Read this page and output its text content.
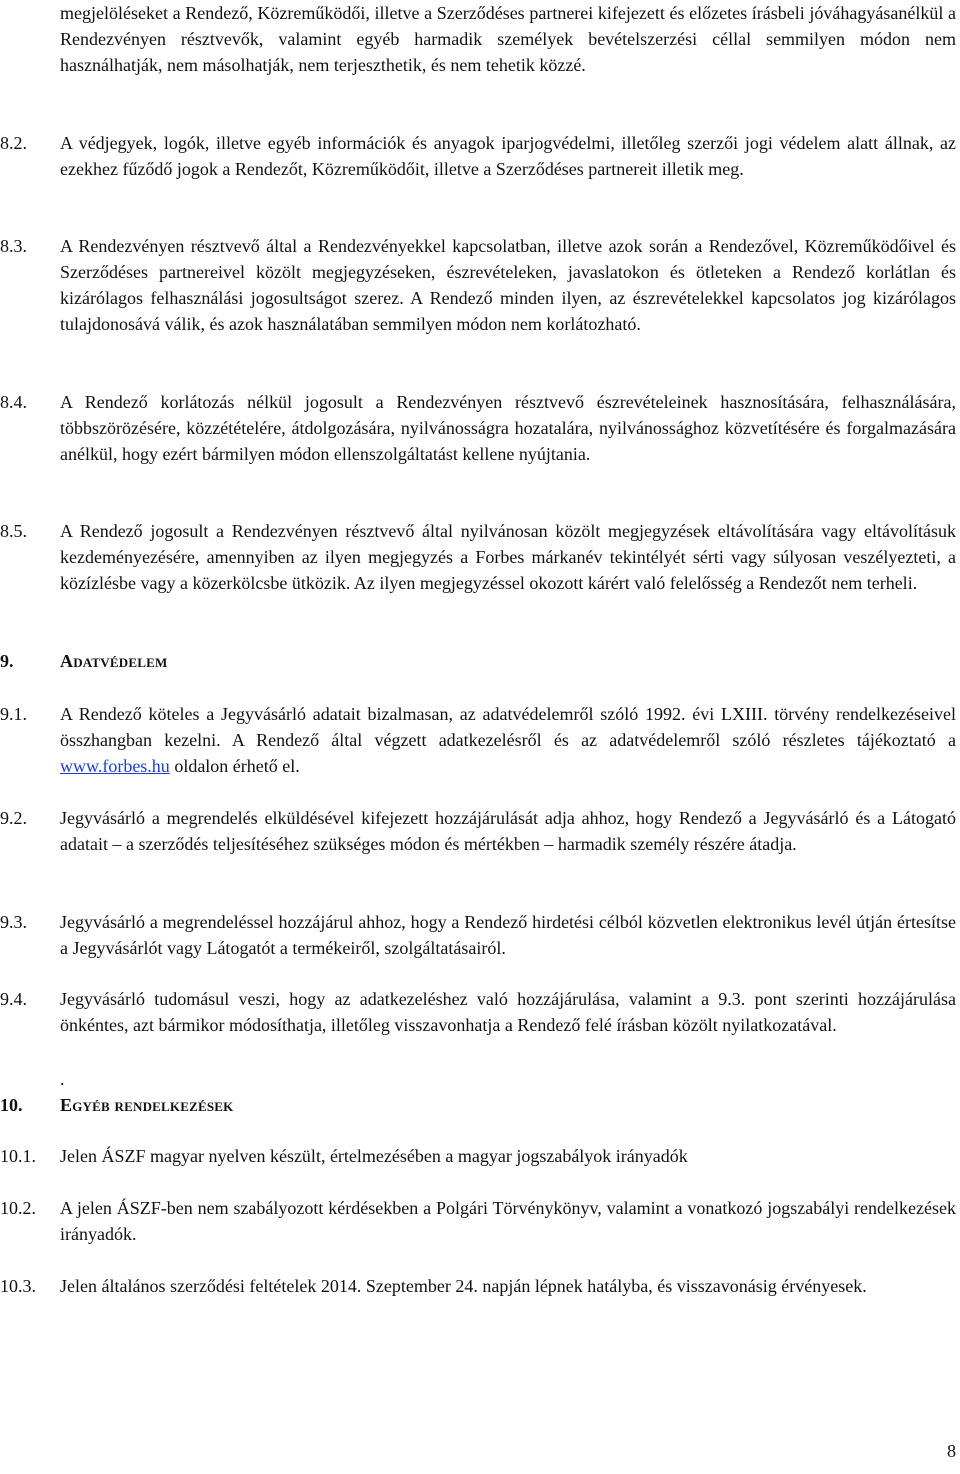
megjelöléseket a Rendező, Közreműködői, illetve a Szerződéses partnerei kifejezett és előzetes írásbeli jóváhagyásanélkül a Rendezvényen résztvevők, valamint egyéb harmadik személyek bevételszerzési céllal semmilyen módon nem használhatják, nem másolhatják, nem terjeszthetik, és nem tehetik közzé.
8.2.	A védjegyek, logók, illetve egyéb információk és anyagok iparjogvédelmi, illetőleg szerzői jogi védelem alatt állnak, az ezekhez fűződő jogok a Rendezőt, Közreműködőit, illetve a Szerződéses partnereit illetik meg.
8.3.	A Rendezvényen résztvevő által a Rendezvényekkel kapcsolatban, illetve azok során a Rendezővel, Közreműködőivel és Szerződéses partnereivel közölt megjegyzéseken, észrevételeken, javaslatokon és ötleteken a Rendező korlátlan és kizárólagos felhasználási jogosultságot szerez. A Rendező minden ilyen, az észrevételekkel kapcsolatos jog kizárólagos tulajdonosává válik, és azok használatában semmilyen módon nem korlátozható.
8.4.	A Rendező korlátozás nélkül jogosult a Rendezvényen résztvevő észrevételeinek hasznosítására, felhasználására, többszörözésére, közzétételére, átdolgozására, nyilvánosságra hozatalára, nyilvánossághoz közvetítésére és forgalmazására anélkül, hogy ezért bármilyen módon ellenszolgáltatást kellene nyújtania.
8.5.	A Rendező jogosult a Rendezvényen résztvevő által nyilvánosan közölt megjegyzések eltávolítására vagy eltávolításuk kezdeményezésére, amennyiben az ilyen megjegyzés a Forbes márkanév tekintélyét sérti vagy súlyosan veszélyezteti, a közízlésbe vagy a közerkölcsbe ütközik. Az ilyen megjegyzéssel okozott kárért való felelősség a Rendezőt nem terheli.
9.	Adatvédelem
9.1.	A Rendező köteles a Jegyvásárló adatait bizalmasan, az adatvédelemről szóló 1992. évi LXIII. törvény rendelkezéseivel összhangban kezelni. A Rendező által végzett adatkezelésről és az adatvédelemről szóló részletes tájékoztató a www.forbes.hu oldalon érhető el.
9.2.	Jegyvásárló a megrendelés elküldésével kifejezett hozzájárulását adja ahhoz, hogy Rendező a Jegyvásárló és a Látogató adatait – a szerződés teljesítéséhez szükséges módon és mértékben – harmadik személy részére átadja.
9.3.	Jegyvásárló a megrendeléssel hozzájárul ahhoz, hogy a Rendező hirdetési célból közvetlen elektronikus levél útján értesítse a Jegyvásárlót vagy Látogatót a termékeiről, szolgáltatásairól.
9.4.	Jegyvásárló tudomásul veszi, hogy az adatkezeléshez való hozzájárulása, valamint a 9.3. pont szerinti hozzájárulása önkéntes, azt bármikor módosíthatja, illetőleg visszavonhatja a Rendező felé írásban közölt nyilatkozatával.
.
10. Egyéb rendelkezések
10.1.	Jelen ÁSZF magyar nyelven készült, értelmezésében a magyar jogszabályok irányadók
10.2.	A jelen ÁSZF-ben nem szabályozott kérdésekben a Polgári Törvénykönyv, valamint a vonatkozó jogszabályi rendelkezések irányadók.
10.3.	Jelen általános szerződési feltételek 2014. Szeptember 24. napján lépnek hatályba, és visszavonásig érvényesek.
8
